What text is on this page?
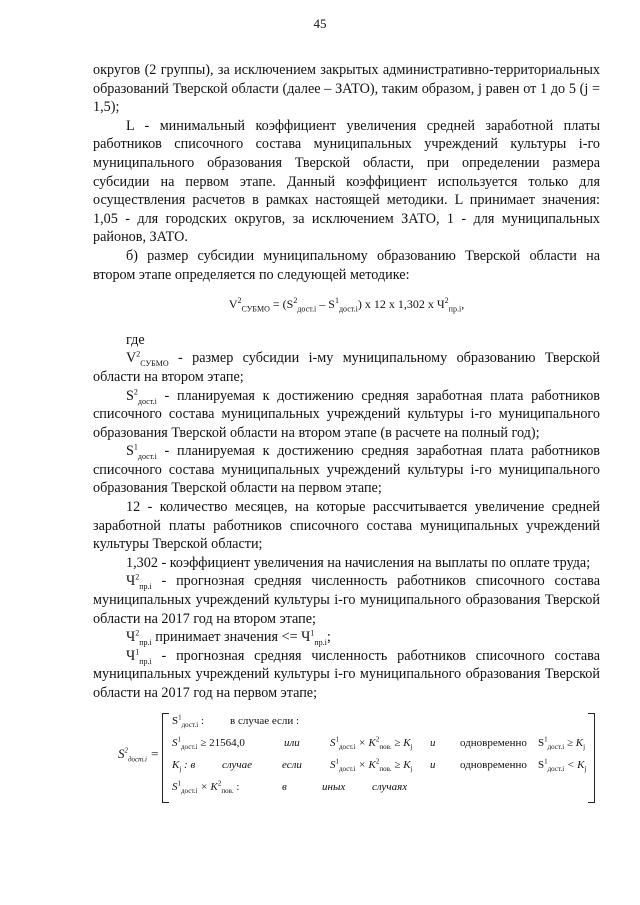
45

округов (2 группы), за исключением закрытых административно-территориальных образований Тверской области (далее – ЗАТО), таким образом, j равен от 1 до 5 (j = 1,5);

L - минимальный коэффициент увеличения средней заработной платы работников списочного состава муниципальных учреждений культуры i-го муниципального образования Тверской области, при определении размера субсидии на первом этапе. Данный коэффициент используется только для осуществления расчетов в рамках настоящей методики. L принимает значения: 1,05 - для городских округов, за исключением ЗАТО, 1 - для муниципальных районов, ЗАТО.

б) размер субсидии муниципальному образованию Тверской области на втором этапе определяется по следующей методике:

$V^2_{СУБМО} = (S^2_{дост.i} - S^1_{дост.i})$ x 12 x 1,302 x $Ч^2_{пр.i}$,

где

$V^2_{СУБМО}$ - размер субсидии i-му муниципальному образованию Тверской области на втором этапе;

$S^2_{дост.i}$ - планируемая к достижению средняя заработная плата работников списочного состава муниципальных учреждений культуры i-го муниципального образования Тверской области на втором этапе (в расчете на полный год);

$S^1_{дост.i}$ - планируемая к достижению средняя заработная плата работников списочного состава муниципальных учреждений культуры i-го муниципального образования Тверской области на первом этапе;

12 - количество месяцев, на которые рассчитывается увеличение средней заработной платы работников списочного состава муниципальных учреждений культуры Тверской области;

1,302 - коэффициент увеличения на начисления на выплаты по оплате труда;

$Ч^2_{пр.i}$ - прогнозная средняя численность работников списочного состава муниципальных учреждений культуры i-го муниципального образования Тверской области на 2017 год на втором этапе;

$Ч^2_{пр.i}$ принимает значения <= $Ч^1_{пр.i}$;

$Ч^1_{пр.i}$ - прогнозная средняя численность работников списочного состава муниципальных учреждений культуры i-го муниципального образования Тверской области на 2017 год на первом этапе;

$S^2_{дост.i}$ =
$S^1_{дост.i}$ : в случае если :
$S^1_{дост.i} \ge 21564,0$	или	$S^1_{дост.i} \times K^2_{пов.} \ge K_j$ и одновременно $S^1_{дост.i} \ge K_j$
$K_j$ : в случае	если	$S^1_{дост.i} \times K^2_{пов.} \ge K_j$ и одновременно $S^1_{дост.i} < K_j$
$S^1_{дост.i} \times K^2_{пов.}$ :	в	иных случаях
